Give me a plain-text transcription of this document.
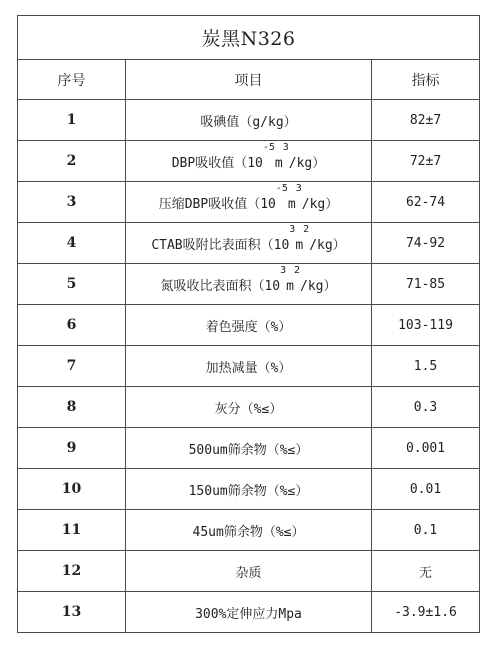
炭黑N326		
序号	项目	指标
1	吸碘值（g/kg）	82±7
2	DBP吸收值$(10^{-5}m^3/kg)$	72±7
3	压缩DBP吸收值$(10^{-5}m^3/kg)$	62-74
4	CTAB吸附比表面积$(10^3m^2/kg)$	74-92
5	氮吸收比表面积$(10^3m^2/kg)$	71-85
6	着色强度（%）	103-119
7	加热减量（%）	1.5
8	灰分（%≤）	0.3
9	500um筛余物（%≤）	0.001
10	150um筛余物（%≤）	0.01
11	45um筛余物（%≤）	0.1
12	杂质	无
13	300%定伸应力Mpa	-3.9±1.6
